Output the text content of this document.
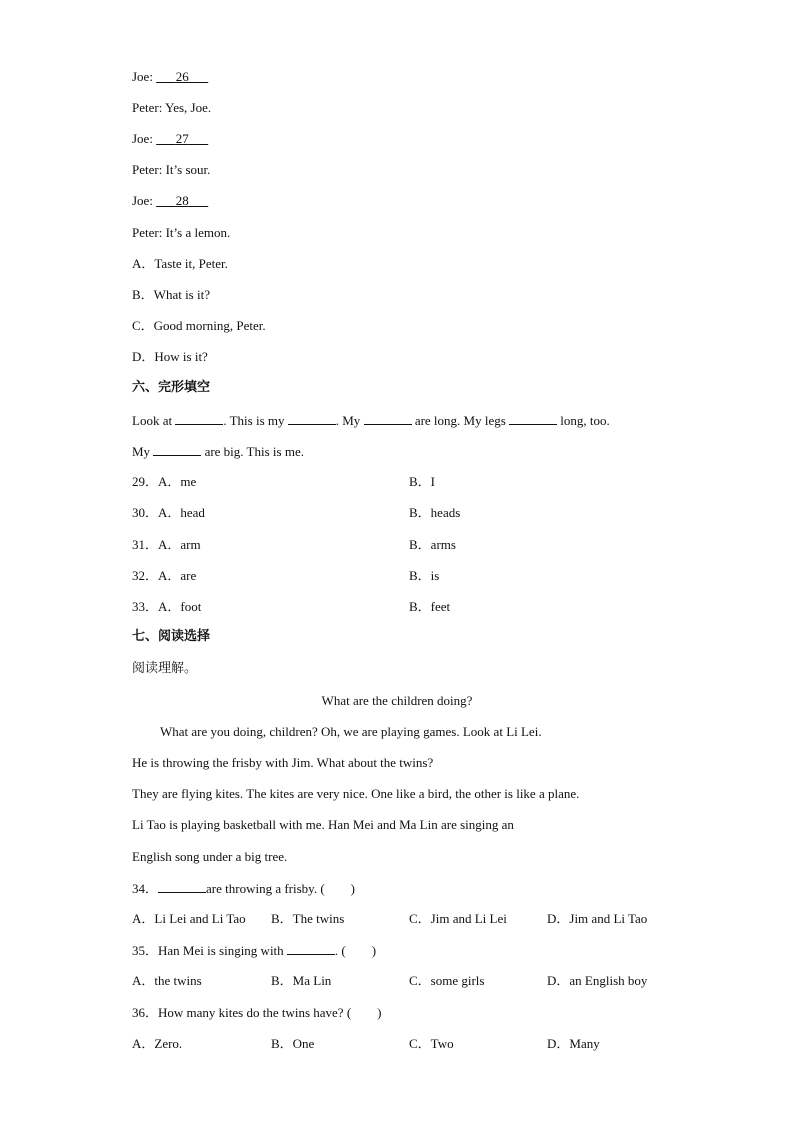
Joe: 26
Peter: Yes, Joe.
Joe: 27
Peter: It’s sour.
Joe: 28
Peter: It’s a lemon.
A．Taste it, Peter.
B．What is it?
C．Good morning, Peter.
D．How is it?
六、完形填空
Look at	. This is my	. My	are long. My legs	long, too.
My	are big. This is me.
29．A．me	B．I
30．A．head	B．heads
31．A．arm	B．arms
32．A．are	B．is
33．A．foot	B．feet
七、阅读选择
阅读理解。
What are the children doing?
What are you doing, children? Oh, we are playing games. Look at Li Lei.
He is throwing the frisby with Jim. What about the twins?
They are flying kites. The kites are very nice. One like a bird, the other is like a plane.
Li Tao is playing basketball with me. Han Mei and Ma Lin are singing an
English song under a big tree.
34．	are throwing a frisby. (　　)
A．Li Lei and Li Tao B．The twins	C．Jim and Li Lei	D．Jim and Li Tao
35．Han Mei is singing with	. (　　)
A．the twins	B．Ma Lin	C．some girls	D．an English boy
36．How many kites do the twins have? (　　)
A．Zero.	B．One	C．Two	D．Many
